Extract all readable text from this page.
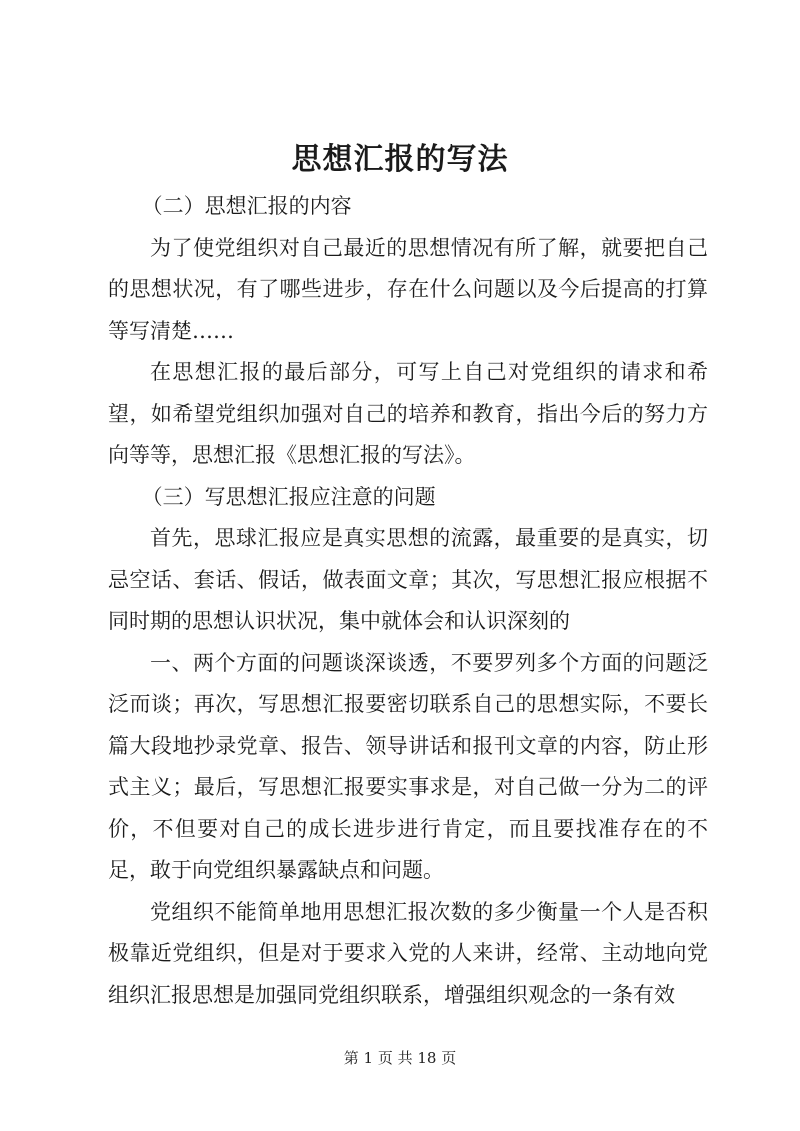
思想汇报的写法

（二）思想汇报的内容

为了使党组织对自己最近的思想情况有所了解，就要把自己的思想状况，有了哪些进步，存在什么问题以及今后提高的打算等写清楚……

在思想汇报的最后部分，可写上自己对党组织的请求和希望，如希望党组织加强对自己的培养和教育，指出今后的努力方向等等，思想汇报《思想汇报的写法》。

（三）写思想汇报应注意的问题

首先，思球汇报应是真实思想的流露，最重要的是真实，切忌空话、套话、假话，做表面文章；其次，写思想汇报应根据不同时期的思想认识状况，集中就体会和认识深刻的

一、两个方面的问题谈深谈透，不要罗列多个方面的问题泛泛而谈；再次，写思想汇报要密切联系自己的思想实际，不要长篇大段地抄录党章、报告、领导讲话和报刊文章的内容，防止形式主义；最后，写思想汇报要实事求是，对自己做一分为二的评价，不但要对自己的成长进步进行肯定，而且要找准存在的不足，敢于向党组织暴露缺点和问题。

党组织不能简单地用思想汇报次数的多少衡量一个人是否积极靠近党组织，但是对于要求入党的人来讲，经常、主动地向党组织汇报思想是加强同党组织联系，增强组织观念的一条有效

第 1 页 共 18 页
